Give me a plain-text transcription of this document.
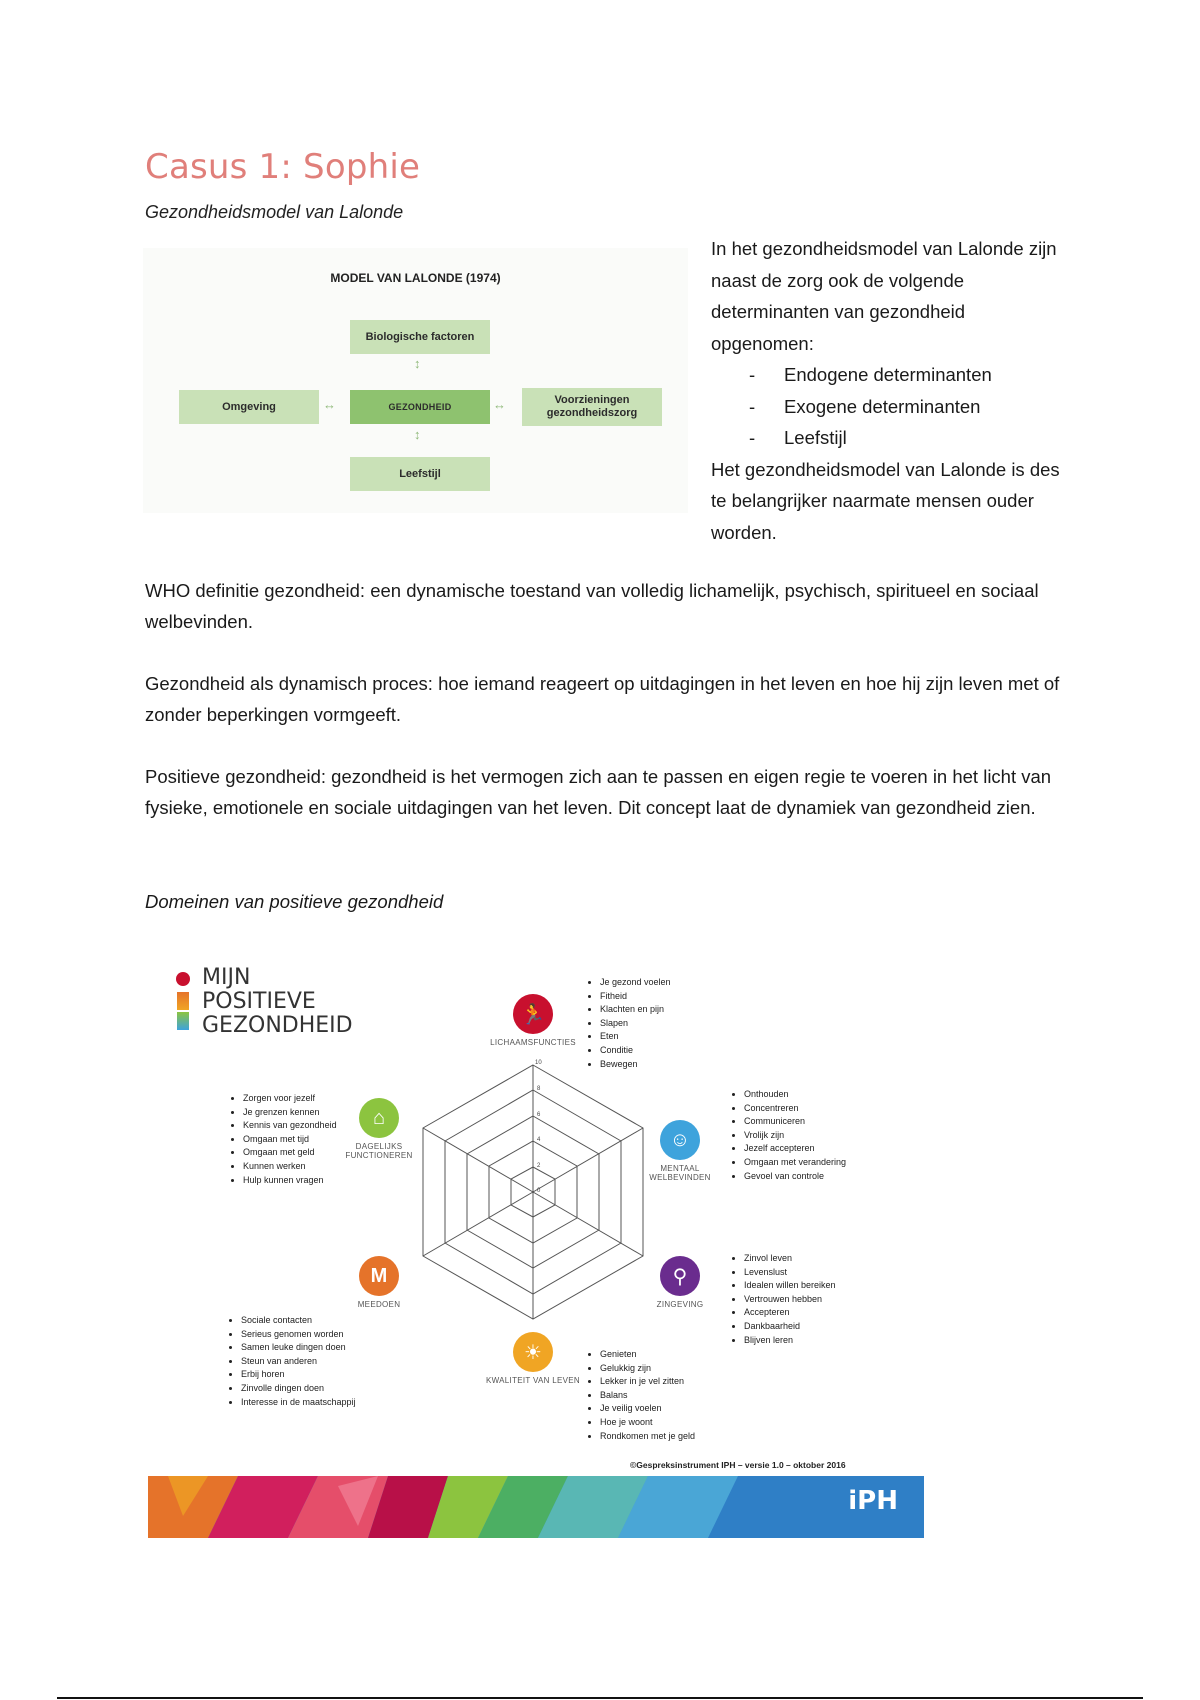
Casus 1: Sophie

Gezondheidsmodel van Lalonde

MODEL VAN LALONDE (1974)
Biologische factoren
Omgeving	GEZONDHEID
Voorzieningen gezondheidszorg
Leefstijl
↕
↕
↔	↔
In het gezondheidsmodel van Lalonde zijn naast de zorg ook de volgende determinanten van gezondheid opgenomen:
- Endogene determinanten
- Exogene determinanten
- Leefstijl
Het gezondheidsmodel van Lalonde is des te belangrijker naarmate mensen ouder worden.

WHO definitie gezondheid: een dynamische toestand van volledig lichamelijk, psychisch, spiritueel en sociaal welbevinden.

Gezondheid als dynamisch proces: hoe iemand reageert op uitdagingen in het leven en hoe hij zijn leven met of zonder beperkingen vormgeeft.

Positieve gezondheid: gezondheid is het vermogen zich aan te passen en eigen regie te voeren in het licht van fysieke, emotionele en sociale uitdagingen van het leven. Dit concept laat de dynamiek van gezondheid zien.

Domeinen van positieve gezondheid

MIJN
POSITIEVE
GEZONDHEID
10
8
6
4
2
0
🏃
LICHAAMSFUNCTIES
☺
MENTAAL WELBEVINDEN
⚲
ZINGEVING
☀
KWALITEIT VAN LEVEN
M
MEEDOEN
⌂
DAGELIJKS FUNCTIONEREN
• Je gezond voelen
• Fitheid
• Klachten en pijn
• Slapen
• Eten
• Conditie
• Bewegen
• Onthouden
• Concentreren
• Communiceren
• Vrolijk zijn
• Jezelf accepteren
• Omgaan met verandering
• Gevoel van controle
• Zinvol leven
• Levenslust
• Idealen willen bereiken
• Vertrouwen hebben
• Accepteren
• Dankbaarheid
• Blijven leren
• Genieten
• Gelukkig zijn
• Lekker in je vel zitten
• Balans
• Je veilig voelen
• Hoe je woont
• Rondkomen met je geld
• Sociale contacten
• Serieus genomen worden
• Samen leuke dingen doen
• Steun van anderen
• Erbij horen
• Zinvolle dingen doen
• Interesse in de maatschappij
• Zorgen voor jezelf
• Je grenzen kennen
• Kennis van gezondheid
• Omgaan met tijd
• Omgaan met geld
• Kunnen werken
• Hulp kunnen vragen
©Gespreksinstrument IPH – versie 1.0 – oktober 2016
iPH
